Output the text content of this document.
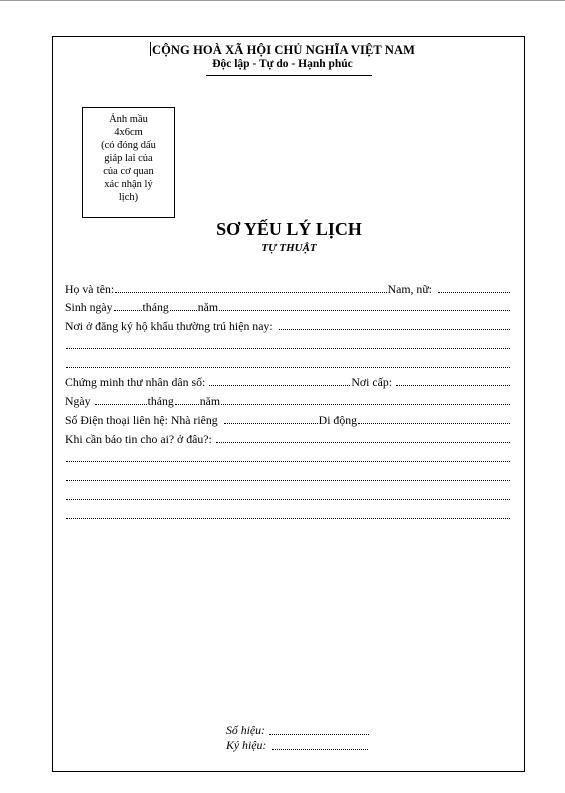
CỘNG HOÀ XÃ HỘI CHỦ NGHĨA VIỆT NAM
Độc lập - Tự do - Hạnh phúc
Ảnh mầu
4x6cm
(có đóng dấu
giáp lai của
của cơ quan
xác nhận lý
lịch)
SƠ YẾU LÝ LỊCH
TỰ THUẬT
Họ và tên:	Nam, nữ:
Sinh ngày	tháng năm
Nơi ở đăng ký hộ khẩu thường trú hiện nay:
Chứng minh thư nhân dân số:	Nơi cấp:
Ngày	tháng năm
Số Điện thoại liên hệ: Nhà riêng	Di động
Khi cần báo tin cho ai? ở đâu?:
Số hiệu:
Ký hiệu:
